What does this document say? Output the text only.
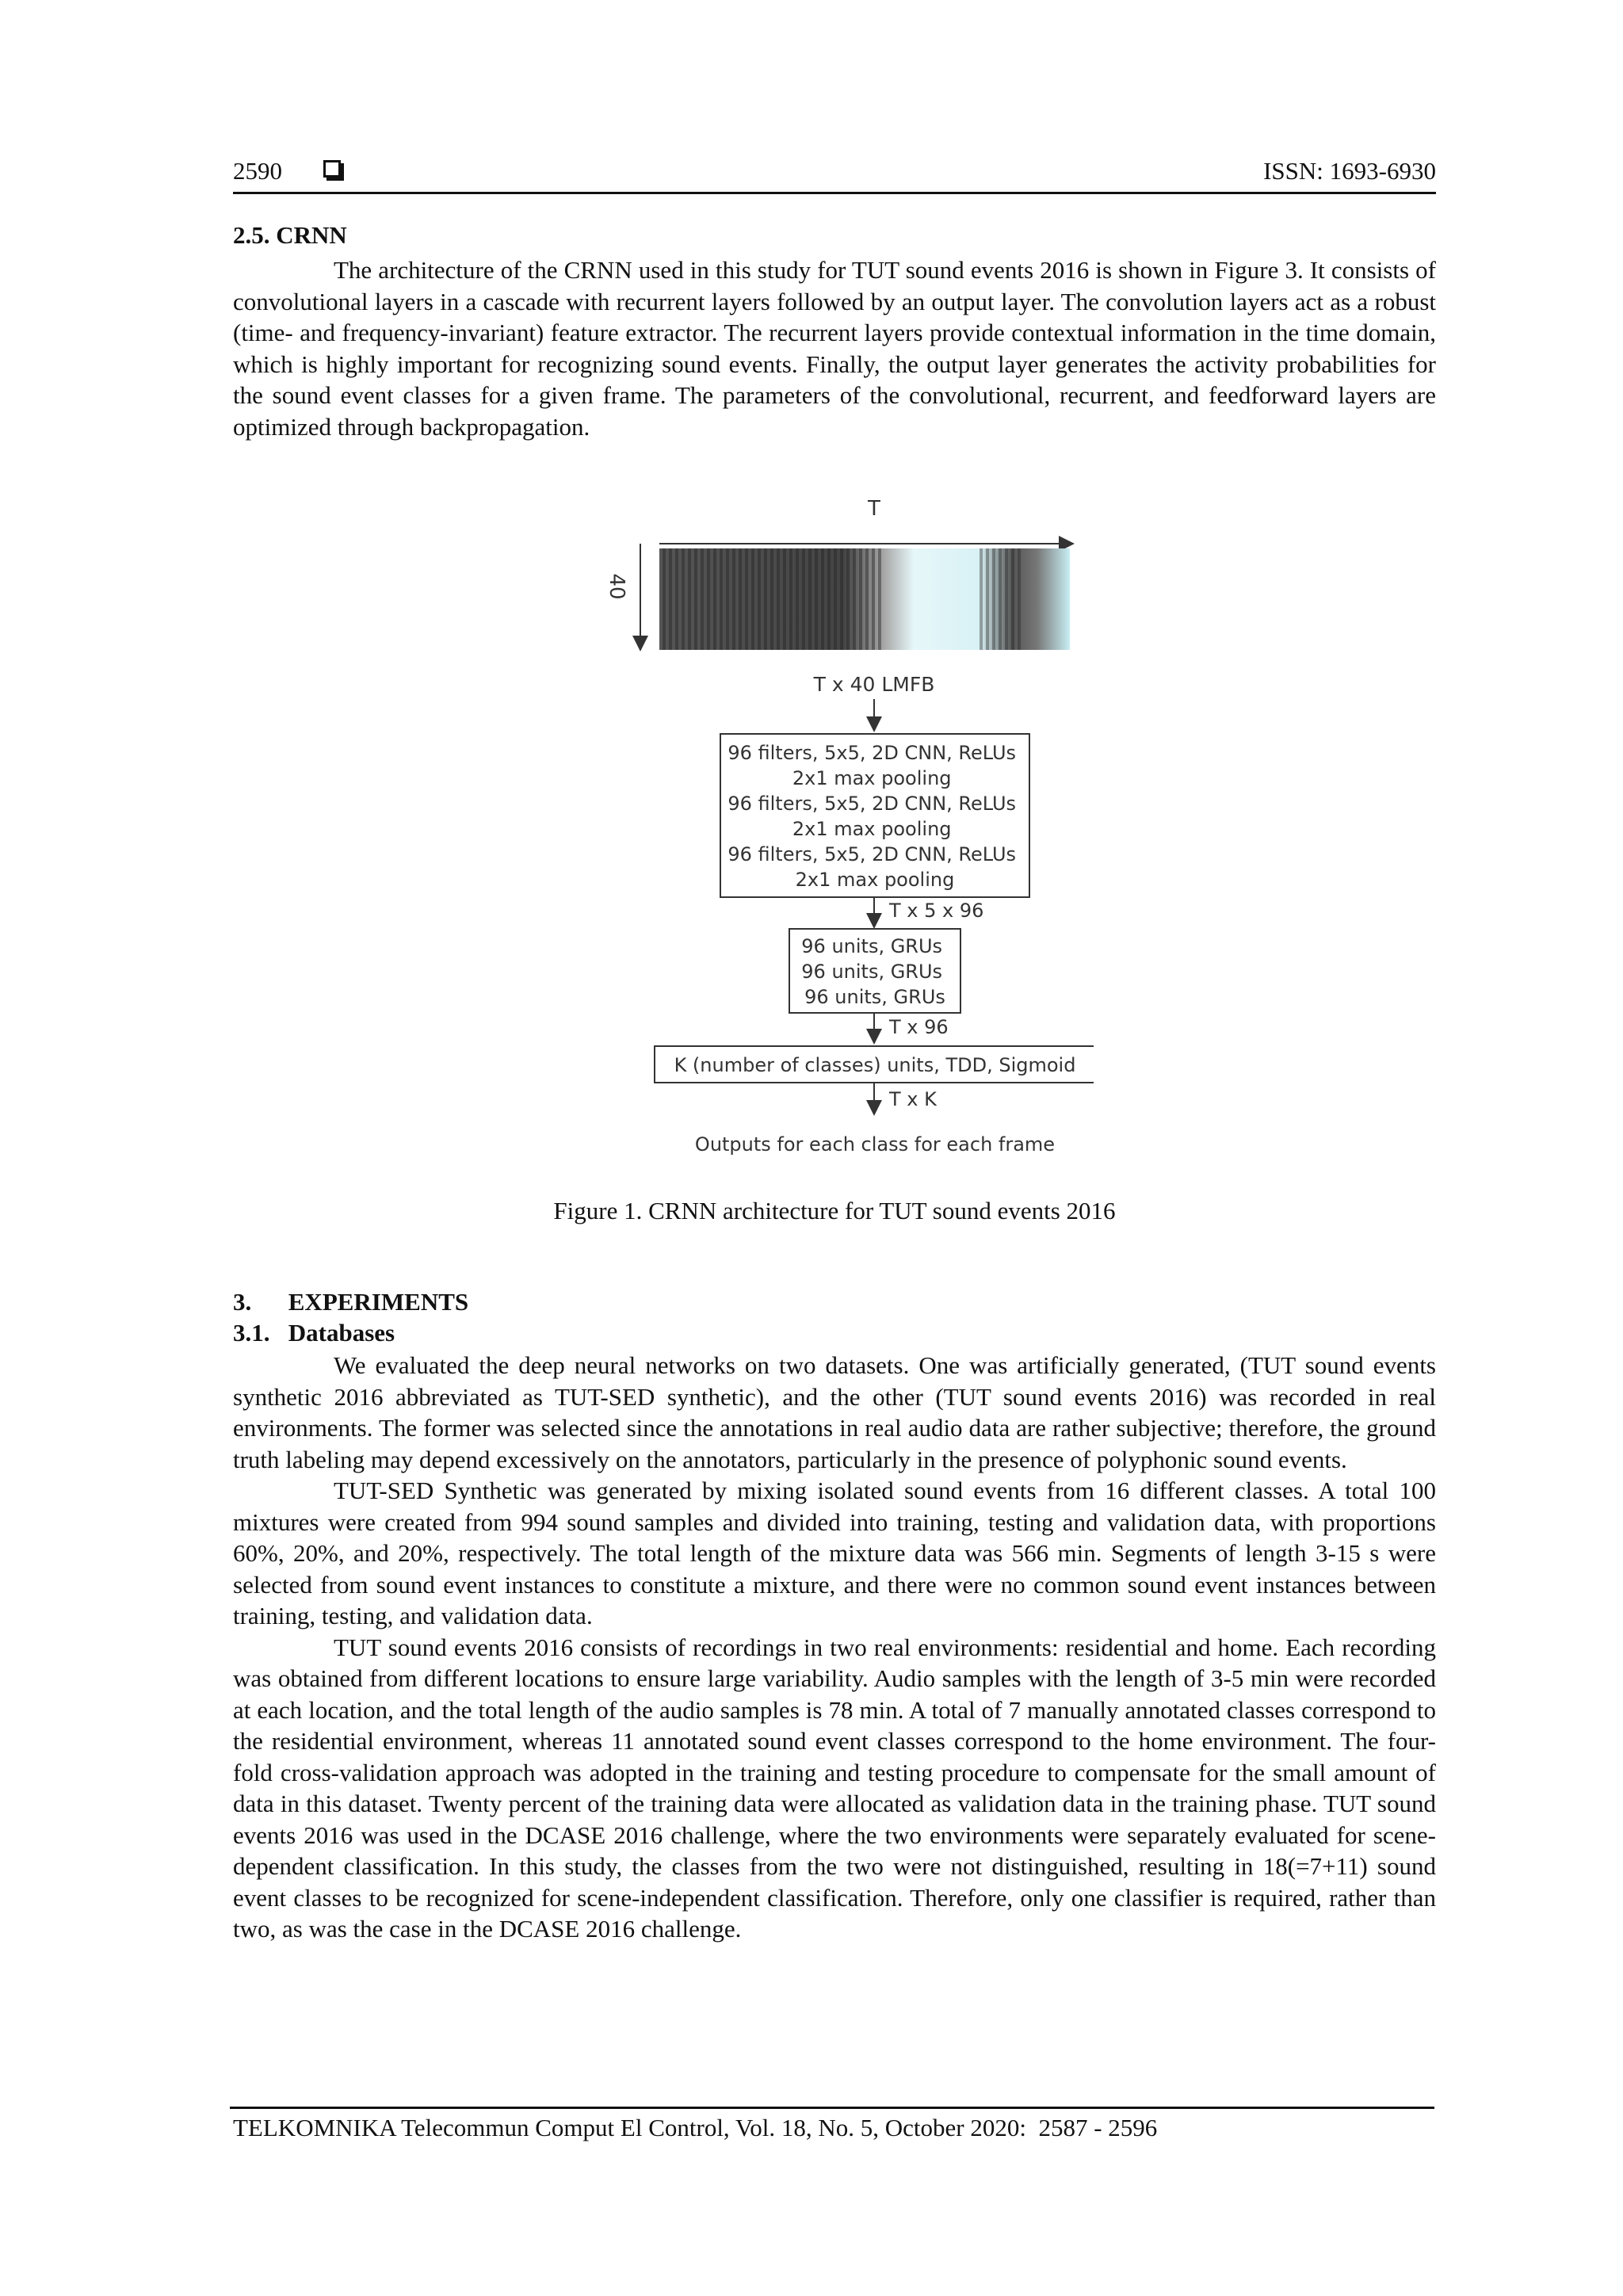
2590	ISSN: 1693-6930
2.5. CRNN

The architecture of the CRNN used in this study for TUT sound events 2016 is shown in Figure 3. It consists of convolutional layers in a cascade with recurrent layers followed by an output layer. The convolution layers act as a robust (time- and frequency-invariant) feature extractor. The recurrent layers provide contextual information in the time domain, which is highly important for recognizing sound events. Finally, the output layer generates the activity probabilities for the sound event classes for a given frame. The parameters of the convolutional, recurrent, and feedforward layers are optimized through backpropagation.

T
40
T x 40 LMFB
96 filters, 5x5, 2D CNN, ReLUs 2x1 max pooling 96 filters, 5x5, 2D CNN, ReLUs 2x1 max pooling 96 filters, 5x5, 2D CNN, ReLUs 2x1 max pooling
T x 5 x 96
96 units, GRUs 96 units, GRUs 96 units, GRUs
T x 96
K (number of classes) units, TDD, Sigmoid
T x K
Outputs for each class for each frame
Figure 1. CRNN architecture for TUT sound events 2016
3.      EXPERIMENTS
3.1.   Databases

We evaluated the deep neural networks on two datasets. One was artificially generated, (TUT sound events synthetic 2016 abbreviated as TUT-SED synthetic), and the other (TUT sound events 2016) was recorded in real environments. The former was selected since the annotations in real audio data are rather subjective; therefore, the ground truth labeling may depend excessively on the annotators, particularly in the presence of polyphonic sound events.

TUT-SED Synthetic was generated by mixing isolated sound events from 16 different classes. A total 100 mixtures were created from 994 sound samples and divided into training, testing and validation data, with proportions 60%, 20%, and 20%, respectively. The total length of the mixture data was 566 min. Segments of length 3-15 s were selected from sound event instances to constitute a mixture, and there were no common sound event instances between training, testing, and validation data.

TUT sound events 2016 consists of recordings in two real environments: residential and home. Each recording was obtained from different locations to ensure large variability. Audio samples with the length of 3-5 min were recorded at each location, and the total length of the audio samples is 78 min. A total of 7 manually annotated classes correspond to the residential environment, whereas 11 annotated sound event classes correspond to the home environment. The four-fold cross-validation approach was adopted in the training and testing procedure to compensate for the small amount of data in this dataset. Twenty percent of the training data were allocated as validation data in the training phase. TUT sound events 2016 was used in the DCASE 2016 challenge, where the two environments were separately evaluated for scene-dependent classification. In this study, the classes from the two were not distinguished, resulting in 18(=7+11) sound event classes to be recognized for scene-independent classification. Therefore, only one classifier is required, rather than two, as was the case in the DCASE 2016 challenge.

TELKOMNIKA Telecommun Comput El Control, Vol. 18, No. 5, October 2020:  2587 - 2596
